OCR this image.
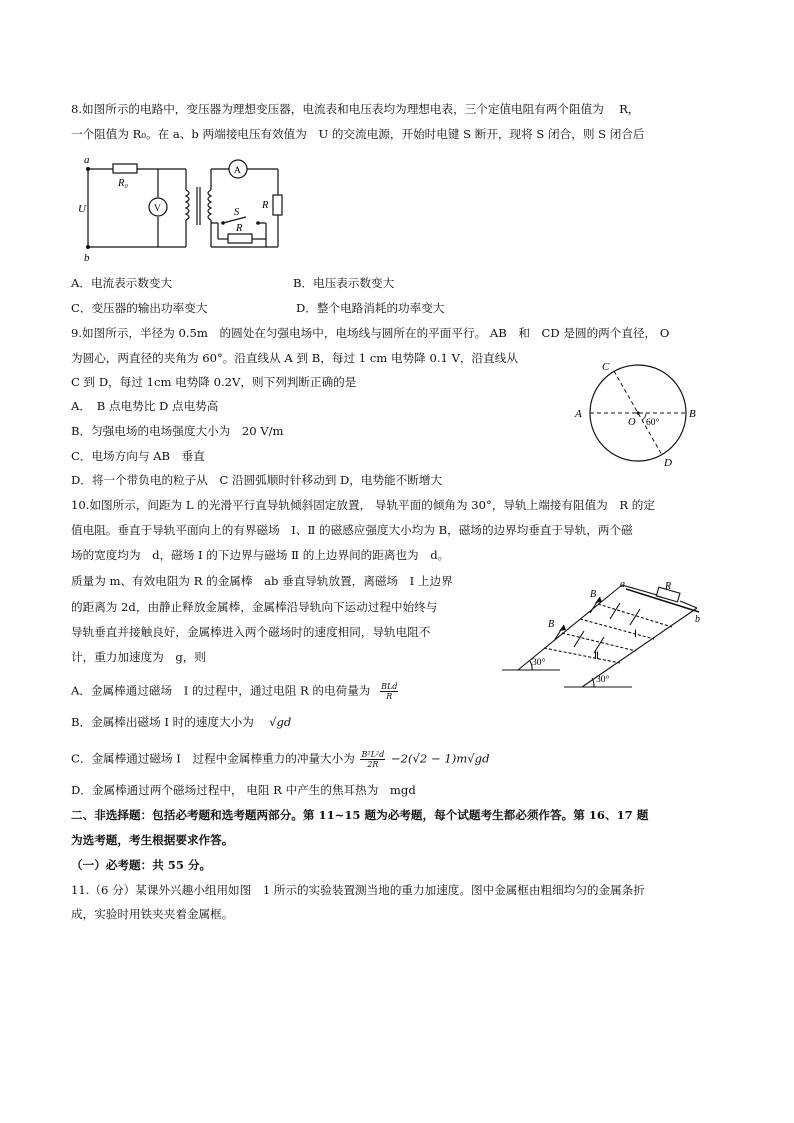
8.如图所示的电路中，变压器为理想变压器，电流表和电压表均为理想电表，三个定值电阻有两个阻值为　 R，
一个阻值为 R₀。在 a、b 两端接电压有效值为　U 的交流电源，开始时电键 S 断开，现将 S 闭合，则 S 闭合后
a
b
U
R₀
V
A
S
R
R
A．电流表示数变大	B．电压表示数变大
C．变压器的输出功率变大	D．整个电路消耗的功率变大
9.如图所示，半径为 0.5m　的圆处在匀强电场中，电场线与圆所在的平面平行。 AB　和　CD 是圆的两个直径， O
为圆心，两直径的夹角为 60°。沿直线从 A 到 B，每过 1 cm 电势降 0.1 V，沿直线从
C 到 D，每过 1cm 电势降 0.2V，则下列判断正确的是
A．　B 点电势比 D 点电势高
B．匀强电场的电场强度大小为　20 V/m
C．电场方向与 AB　垂直
D．将一个带负电的粒子从　C 沿圆弧顺时针移动到 D，电势能不断增大
A	B
C
D
O 60°
10.如图所示，间距为 L 的光滑平行直导轨倾斜固定放置， 导轨平面的倾角为 30°，导轨上端接有阻值为　R 的定
值电阻。垂直于导轨平面向上的有界磁场　Ⅰ、Ⅱ 的磁感应强度大小均为 B，磁场的边界均垂直于导轨，两个磁
场的宽度均为　d，磁场 I 的下边界与磁场 Ⅱ 的上边界间的距离也为　d。
质量为 m、有效电阻为 R 的金属棒　ab 垂直导轨放置，离磁场　I 上边界
的距离为 2d，由静止释放金属棒，金属棒沿导轨向下运动过程中始终与
导轨垂直并接触良好，金属棒进入两个磁场时的速度相同，导轨电阻不
计，重力加速度为　g，则
a
b
R
B
B
Ⅰ
Ⅱ
30°
30°
A．金属棒通过磁场　I 的过程中，通过电阻 R 的电荷量为 BLd
R
B．金属棒出磁场 I 时的速度大小为　 √gd
C．金属棒通过磁场 I　过程中金属棒重力的冲量大小为 $\frac{\text{B²L²d}}{2R} -2(√2 - 1)m√gd$
D．金属棒通过两个磁场过程中， 电阻 R 中产生的焦耳热为　mgd
二、非选择题：包括必考题和选考题两部分。第 11~15 题为必考题，每个试题考生都必须作答。第 16、17 题
为选考题，考生根据要求作答。
（一）必考题：共 55 分。
11.（6 分）某课外兴趣小组用如图　1 所示的实验装置测当地的重力加速度。图中金属框由粗细均匀的金属条折
成，实验时用铁夹夹着金属框。
